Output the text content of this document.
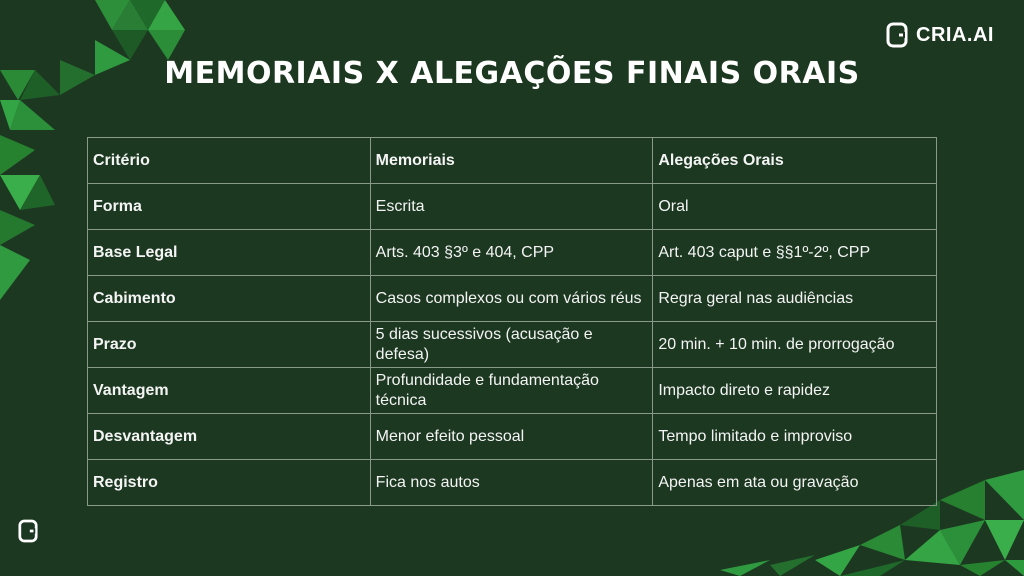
CRIA.AI
MEMORIAIS X ALEGAÇÕES FINAIS ORAIS
Critério	Memoriais	Alegações Orais
Forma	Escrita	Oral
Base Legal	Arts. 403 §3º e 404, CPP	Art. 403 caput e §§1º-2º, CPP
Cabimento	Casos complexos ou com vários réus	Regra geral nas audiências
Prazo	5 dias sucessivos (acusação e defesa)	20 min. + 10 min. de prorrogação
Vantagem	Profundidade e fundamentação técnica	Impacto direto e rapidez
Desvantagem	Menor efeito pessoal	Tempo limitado e improviso
Registro	Fica nos autos	Apenas em ata ou gravação
